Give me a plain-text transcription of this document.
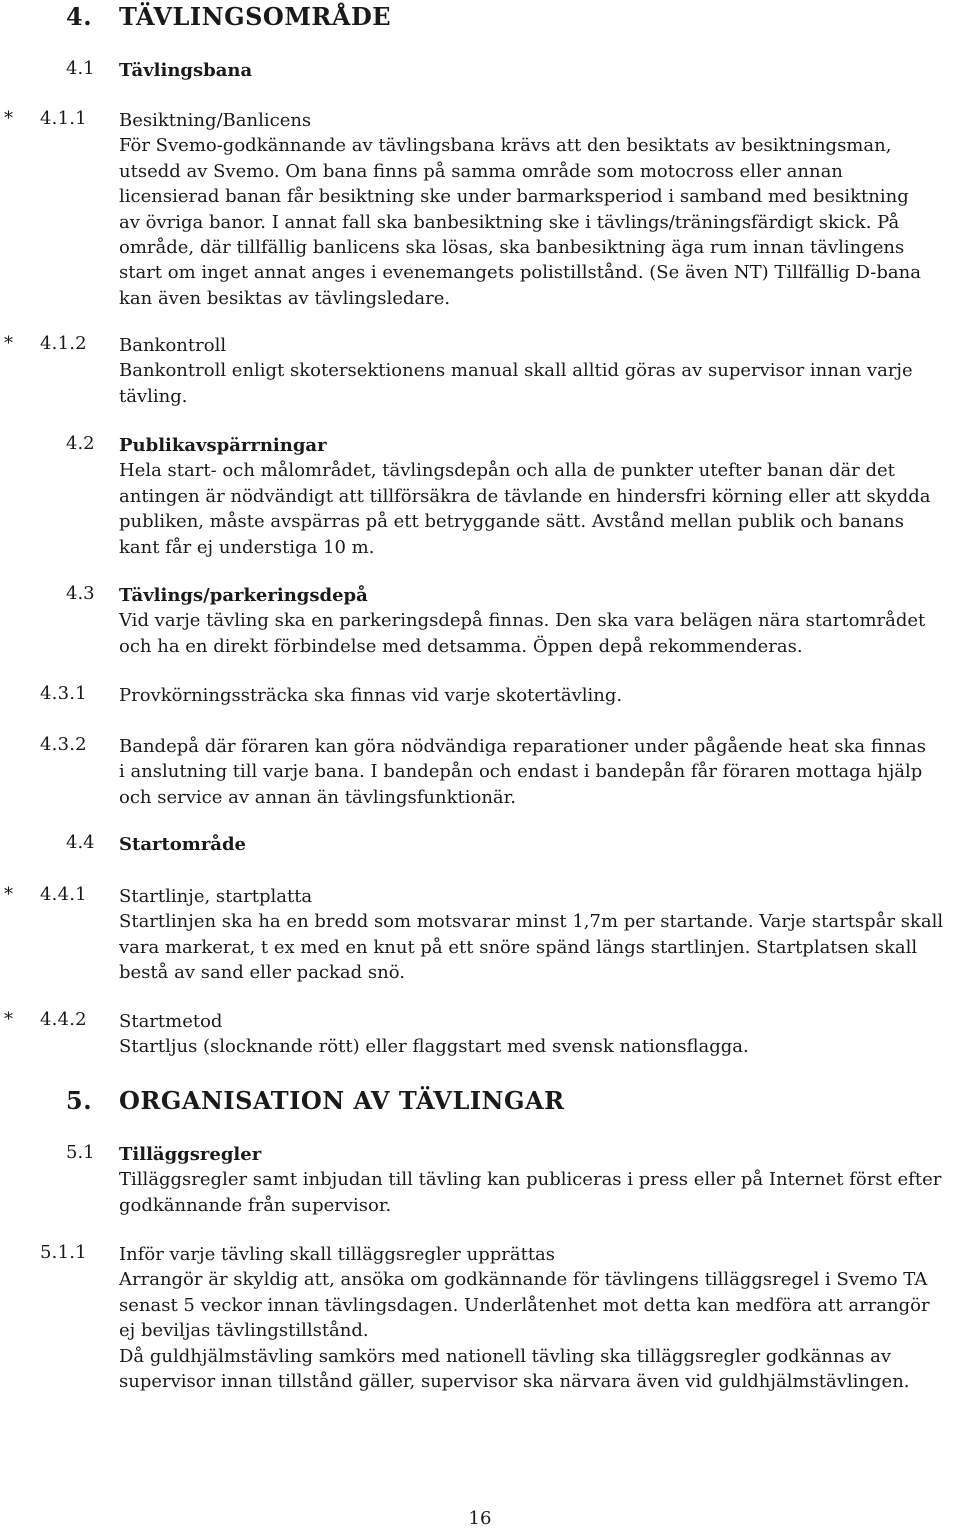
4. TÄVLINGSOMRÅDE
4.1 Tävlingsbana
* 4.1.1 Besiktning/Banlicens
För Svemo-godkännande av tävlingsbana krävs att den besiktats av besiktningsman,
utsedd av Svemo. Om bana finns på samma område som motocross eller annan
licensierad banan får besiktning ske under barmarksperiod i samband med besiktning
av övriga banor. I annat fall ska banbesiktning ske i tävlings/träningsfärdigt skick. På
område, där tillfällig banlicens ska lösas, ska banbesiktning äga rum innan tävlingens
start om inget annat anges i evenemangets polistillstånd. (Se även NT) Tillfällig D-bana
kan även besiktas av tävlingsledare.
* 4.1.2 Bankontroll
Bankontroll enligt skotersektionens manual skall alltid göras av supervisor innan varje
tävling.
4.2 Publikavspärrningar
Hela start- och målområdet, tävlingsdepån och alla de punkter utefter banan där det
antingen är nödvändigt att tillförsäkra de tävlande en hindersfri körning eller att skydda
publiken, måste avspärras på ett betryggande sätt. Avstånd mellan publik och banans
kant får ej understiga 10 m.
4.3 Tävlings/parkeringsdepå
Vid varje tävling ska en parkeringsdepå finnas. Den ska vara belägen nära startområdet
och ha en direkt förbindelse med detsamma. Öppen depå rekommenderas.
4.3.1 Provkörningssträcka ska finnas vid varje skotertävling.
4.3.2 Bandepå där föraren kan göra nödvändiga reparationer under pågående heat ska finnas
i anslutning till varje bana. I bandepån och endast i bandepån får föraren mottaga hjälp
och service av annan än tävlingsfunktionär.
4.4 Startområde
* 4.4.1 Startlinje, startplatta
Startlinjen ska ha en bredd som motsvarar minst 1,7m per startande. Varje startspår skall
vara markerat, t ex med en knut på ett snöre spänd längs startlinjen. Startplatsen skall
bestå av sand eller packad snö.
* 4.4.2 Startmetod
Startljus (slocknande rött) eller flaggstart med svensk nationsflagga.
5. ORGANISATION AV TÄVLINGAR
5.1 Tilläggsregler
Tilläggsregler samt inbjudan till tävling kan publiceras i press eller på Internet först efter
godkännande från supervisor.
5.1.1 Inför varje tävling skall tilläggsregler upprättas
Arrangör är skyldig att, ansöka om godkännande för tävlingens tilläggsregel i Svemo TA
senast 5 veckor innan tävlingsdagen. Underlåtenhet mot detta kan medföra att arrangör
ej beviljas tävlingstillstånd.
Då guldhjälmstävling samkörs med nationell tävling ska tilläggsregler godkännas av
supervisor innan tillstånd gäller, supervisor ska närvara även vid guldhjälmstävlingen.
16
